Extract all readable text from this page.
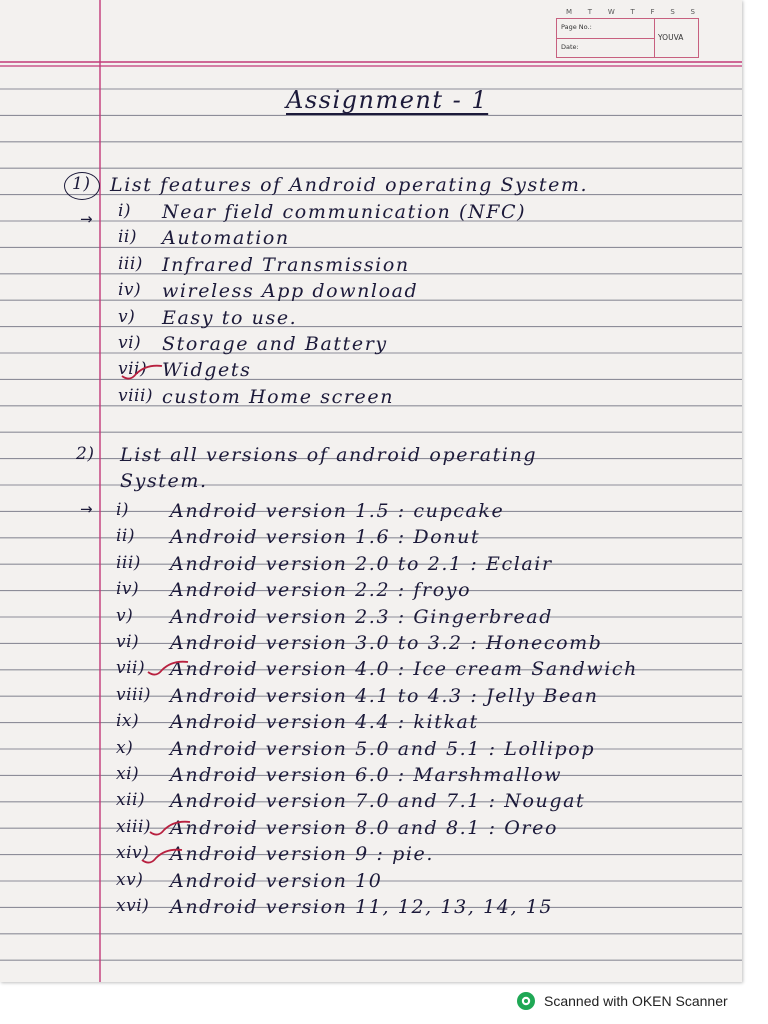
M T W T F S S
Page No.:
Date:
YOUVA
Assignment - 1
1) List features of Android operating System.
→ i) Near field communication (NFC)
ii) Automation
iii) Infrared Transmission
iv) wireless App download
v) Easy to use.
vi) Storage and Battery
vii) Widgets
viii) custom Home screen
2) List all versions of android operating
System.
→ i) Android version 1.5 : cupcake
ii) Android version 1.6 : Donut
iii) Android version 2.0 to 2.1 : Eclair
iv) Android version 2.2 : froyo
v) Android version 2.3 : Gingerbread
vi) Android version 3.0 to 3.2 : Honecomb
vii) Android version 4.0 : Ice cream Sandwich
viii) Android version 4.1 to 4.3 : Jelly Bean
ix) Android version 4.4 : kitkat
x) Android version 5.0 and 5.1 : Lollipop
xi) Android version 6.0 : Marshmallow
xii) Android version 7.0 and 7.1 : Nougat
xiii) Android version 8.0 and 8.1 : Oreo
xiv) Android version 9 : pie.
xv) Android version 10
xvi) Android version 11, 12, 13, 14, 15
Scanned with OKEN Scanner
